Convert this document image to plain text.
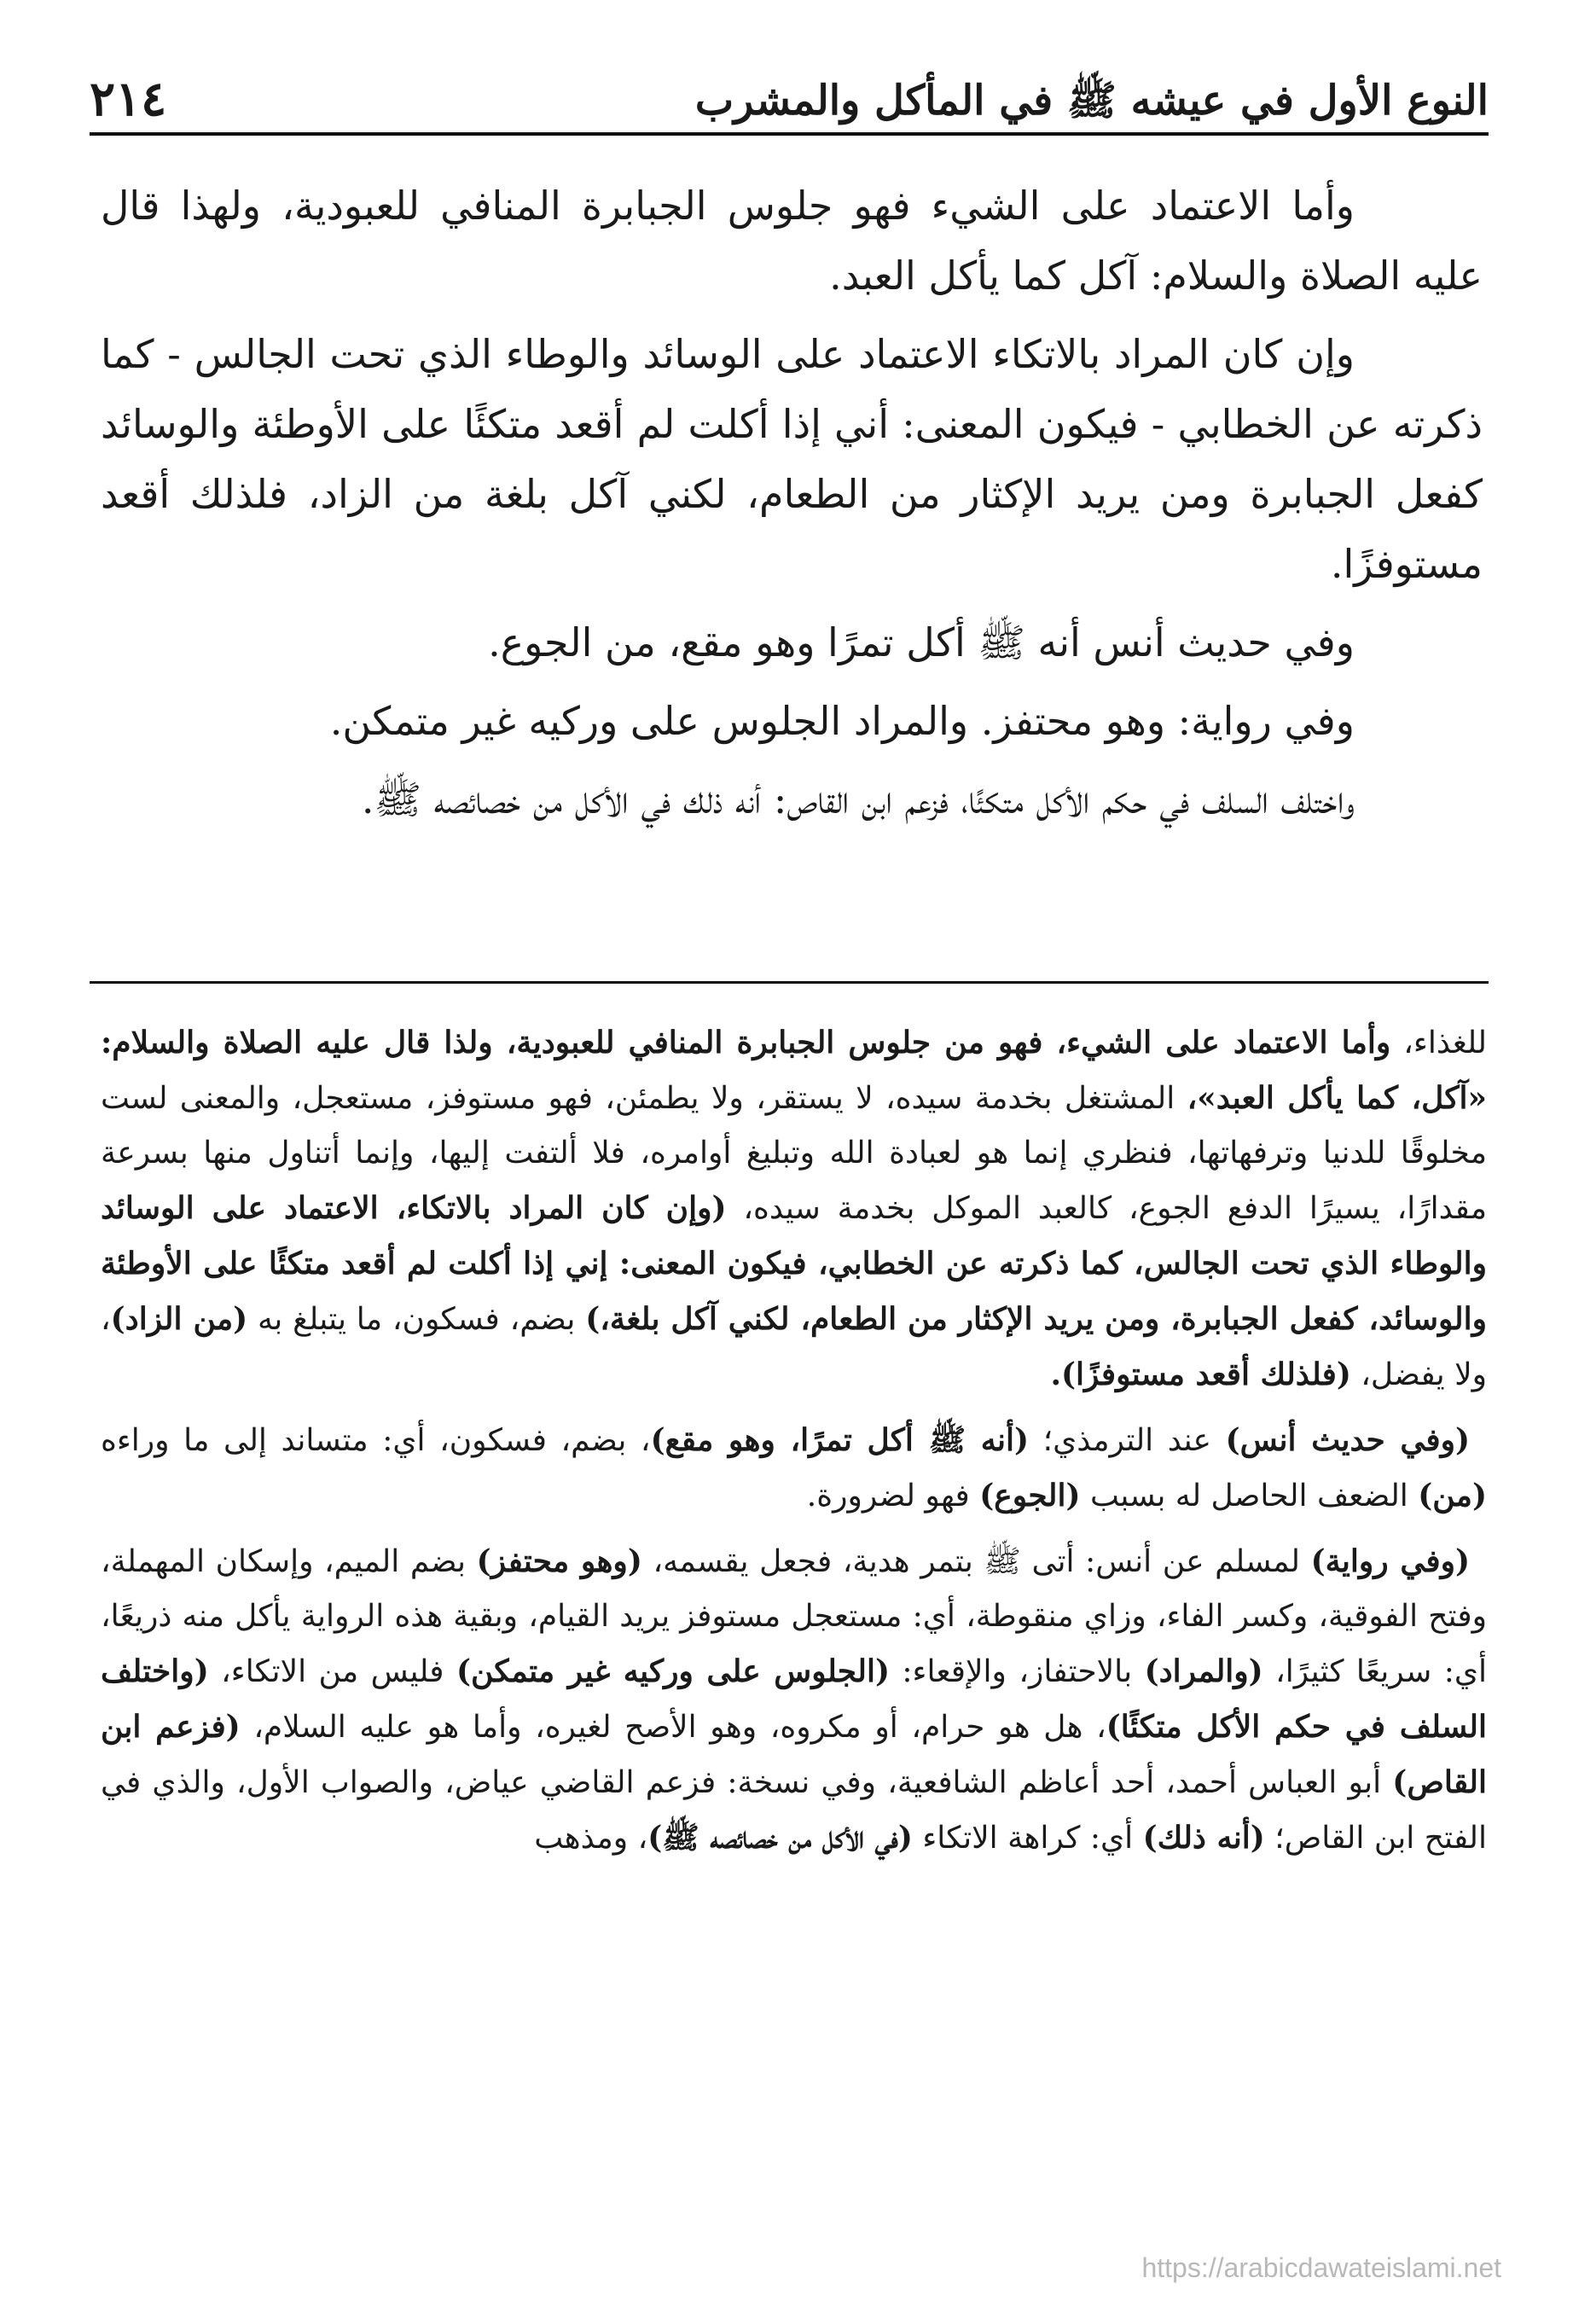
النوع الأول في عيشه ﷺ في المأكل والمشرب
٢١٤

وأما الاعتماد على الشيء فهو جلوس الجبابرة المنافي للعبودية، ولهذا قال عليه الصلاة والسلام: آكل كما يأكل العبد.

وإن كان المراد بالاتكاء الاعتماد على الوسائد والوطاء الذي تحت الجالس - كما ذكرته عن الخطابي - فيكون المعنى: أني إذا أكلت لم أقعد متكئًا على الأوطئة والوسائد كفعل الجبابرة ومن يريد الإكثار من الطعام، لكني آكل بلغة من الزاد، فلذلك أقعد مستوفزًا.

وفي حديث أنس أنه ﷺ أكل تمرًا وهو مقع، من الجوع.

وفي رواية: وهو محتفز. والمراد الجلوس على وركيه غير متمكن.

واختلف السلف في حكم الأكل متكئًا، فزعم ابن القاص: أنه ذلك في الأكل من خصائصه ﷺ.

للغذاء، وأما الاعتماد على الشيء، فهو من جلوس الجبابرة المنافي للعبودية، ولذا قال عليه الصلاة والسلام: «آكل، كما يأكل العبد»، المشتغل بخدمة سيده، لا يستقر، ولا يطمئن، فهو مستوفز، مستعجل، والمعنى لست مخلوقًا للدنيا وترفهاتها، فنظري إنما هو لعبادة الله وتبليغ أوامره، فلا ألتفت إليها، وإنما أتناول منها بسرعة مقدارًا، يسيرًا الدفع الجوع، كالعبد الموكل بخدمة سيده، (وإن كان المراد بالاتكاء، الاعتماد على الوسائد والوطاء الذي تحت الجالس، كما ذكرته عن الخطابي، فيكون المعنى: إني إذا أكلت لم أقعد متكئًا على الأوطئة والوسائد، كفعل الجبابرة، ومن يريد الإكثار من الطعام، لكني آكل بلغة،) بضم، فسكون، ما يتبلغ به (من الزاد)، ولا يفضل، (فلذلك أقعد مستوفزًا).

(وفي حديث أنس) عند الترمذي؛ (أنه ﷺ أكل تمرًا، وهو مقع)، بضم، فسكون، أي: متساند إلى ما وراءه (من) الضعف الحاصل له بسبب (الجوع) فهو لضرورة.

(وفي رواية) لمسلم عن أنس: أتى ﷺ بتمر هدية، فجعل يقسمه، (وهو محتفز) بضم الميم، وإسكان المهملة، وفتح الفوقية، وكسر الفاء، وزاي منقوطة، أي: مستعجل مستوفز يريد القيام، وبقية هذه الرواية يأكل منه ذريعًا، أي: سريعًا كثيرًا، (والمراد) بالاحتفاز، والإقعاء: (الجلوس على وركيه غير متمكن) فليس من الاتكاء، (واختلف السلف في حكم الأكل متكئًا)، هل هو حرام، أو مكروه، وهو الأصح لغيره، وأما هو عليه السلام، (فزعم ابن القاص) أبو العباس أحمد، أحد أعاظم الشافعية، وفي نسخة: فزعم القاضي عياض، والصواب الأول، والذي في الفتح ابن القاص؛ (أنه ذلك) أي: كراهة الاتكاء (في الأكل من خصائصه ﷺ)، ومذهب

https://arabicdawateislami.net
